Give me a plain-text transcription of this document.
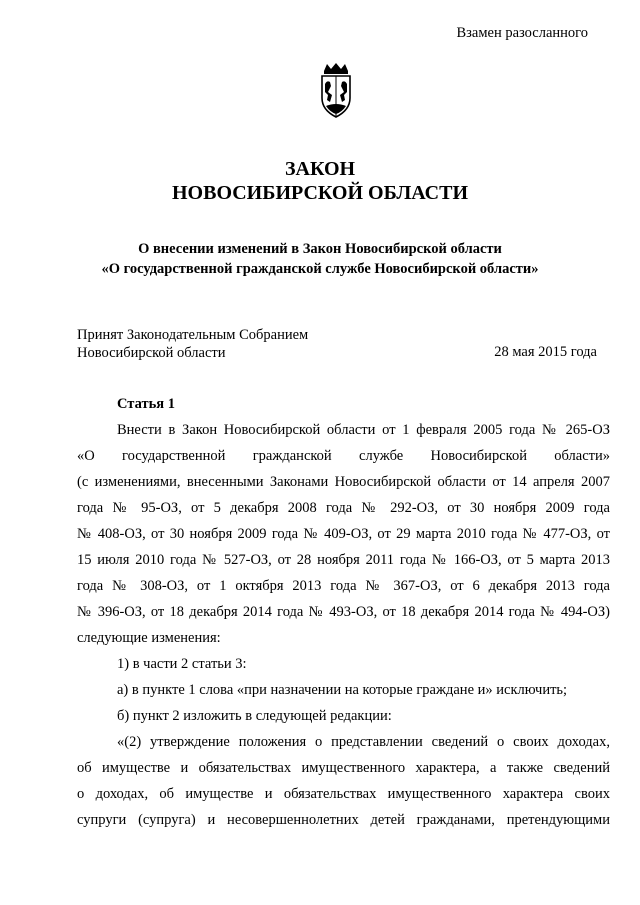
Взамен разосланного
ЗАКОН
НОВОСИБИРСКОЙ ОБЛАСТИ
О внесении изменений в Закон Новосибирской области
«О государственной гражданской службе Новосибирской области»
Принят Законодательным Собранием
Новосибирской области	28 мая 2015 года
Статья 1

Внести в Закон Новосибирской области от 1 февраля 2005 года № 265-ОЗ

«О государственной гражданской службе Новосибирской области»

(с изменениями, внесенными Законами Новосибирской области от 14 апреля 2007

года № 95-ОЗ, от 5 декабря 2008 года № 292-ОЗ, от 30 ноября 2009 года

№ 408-ОЗ, от 30 ноября 2009 года № 409-ОЗ, от 29 марта 2010 года № 477-ОЗ, от

15 июля 2010 года № 527-ОЗ, от 28 ноября 2011 года № 166-ОЗ, от 5 марта 2013

года № 308-ОЗ, от 1 октября 2013 года № 367-ОЗ, от 6 декабря 2013 года

№ 396-ОЗ, от 18 декабря 2014 года № 493-ОЗ, от 18 декабря 2014 года № 494-ОЗ)

следующие изменения:

1) в части 2 статьи 3:

а) в пункте 1 слова «при назначении на которые граждане и» исключить;

б) пункт 2 изложить в следующей редакции:

«(2) утверждение положения о представлении сведений о своих доходах,

об имуществе и обязательствах имущественного характера, а также сведений

о доходах, об имуществе и обязательствах имущественного характера своих

супруги (супруга) и несовершеннолетних детей гражданами, претендующими
